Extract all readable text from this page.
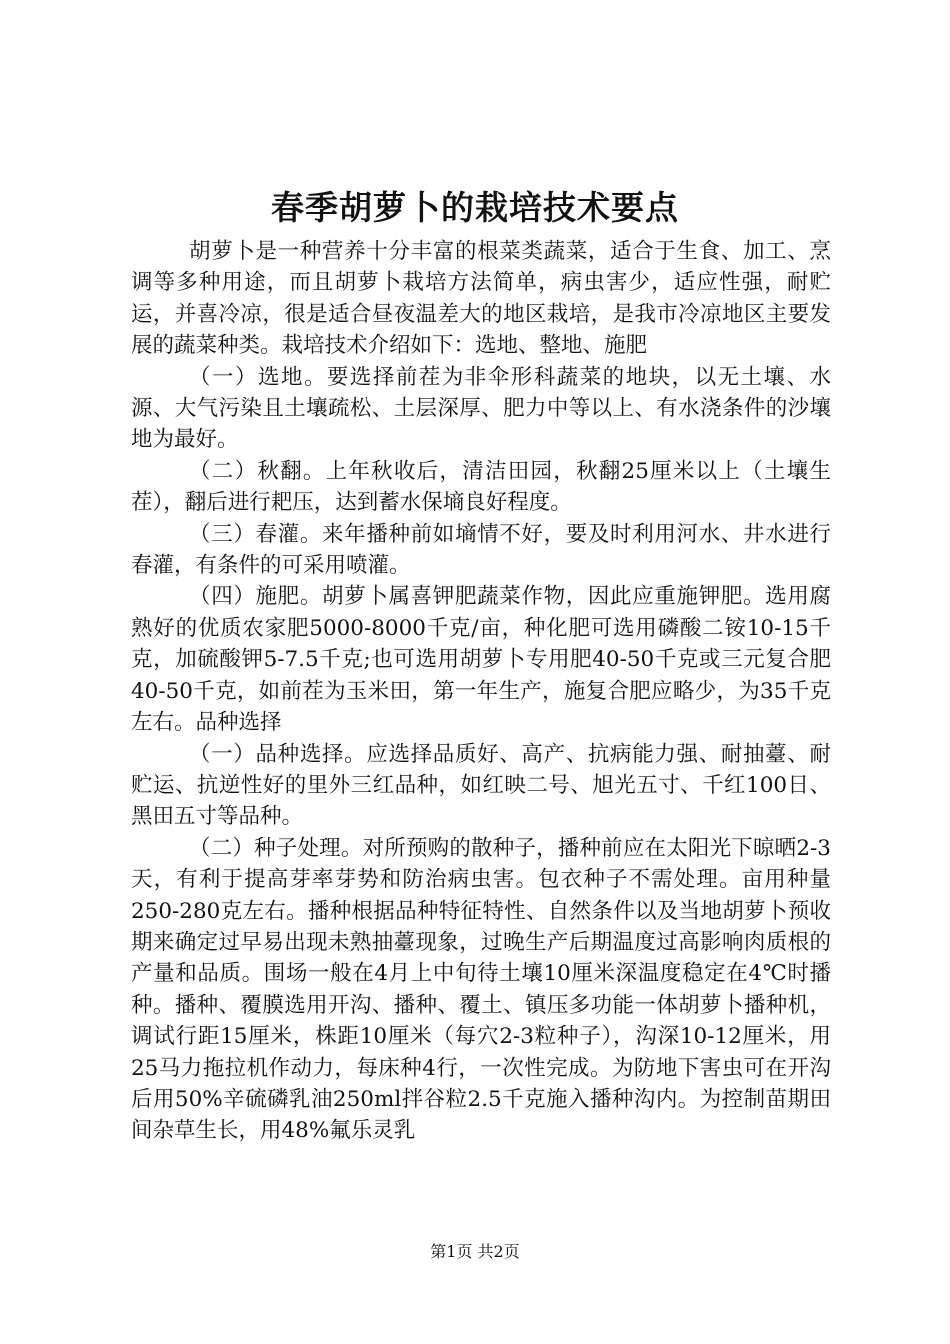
春季胡萝卜的栽培技术要点

胡萝卜是一种营养十分丰富的根菜类蔬菜，适合于生食、加工、烹调等多种用途，而且胡萝卜栽培方法简单，病虫害少，适应性强，耐贮运，并喜冷凉，很是适合昼夜温差大的地区栽培，是我市冷凉地区主要发展的蔬菜种类。栽培技术介绍如下：选地、整地、施肥

（一）选地。要选择前茬为非伞形科蔬菜的地块，以无土壤、水源、大气污染且土壤疏松、土层深厚、肥力中等以上、有水浇条件的沙壤地为最好。

（二）秋翻。上年秋收后，清洁田园，秋翻25厘米以上（土壤生茬），翻后进行耙压，达到蓄水保墒良好程度。

（三）春灌。来年播种前如墒情不好，要及时利用河水、井水进行春灌，有条件的可采用喷灌。

（四）施肥。胡萝卜属喜钾肥蔬菜作物，因此应重施钾肥。选用腐熟好的优质农家肥5000-8000千克/亩，种化肥可选用磷酸二铵10-15千克，加硫酸钾5-7.5千克;也可选用胡萝卜专用肥40-50千克或三元复合肥40-50千克，如前茬为玉米田，第一年生产，施复合肥应略少，为35千克左右。品种选择

（一）品种选择。应选择品质好、高产、抗病能力强、耐抽薹、耐贮运、抗逆性好的里外三红品种，如红映二号、旭光五寸、千红100日、黑田五寸等品种。

（二）种子处理。对所预购的散种子，播种前应在太阳光下晾晒2-3天，有利于提高芽率芽势和防治病虫害。包衣种子不需处理。亩用种量250-280克左右。播种根据品种特征特性、自然条件以及当地胡萝卜预收期来确定过早易出现未熟抽薹现象，过晚生产后期温度过高影响肉质根的产量和品质。围场一般在4月上中旬待土壤10厘米深温度稳定在4℃时播种。播种、覆膜选用开沟、播种、覆土、镇压多功能一体胡萝卜播种机，调试行距15厘米，株距10厘米（每穴2-3粒种子），沟深10-12厘米，用25马力拖拉机作动力，每床种4行，一次性完成。为防地下害虫可在开沟后用50%辛硫磷乳油250ml拌谷粒2.5千克施入播种沟内。为控制苗期田间杂草生长，用48%氟乐灵乳

第1页 共2页
